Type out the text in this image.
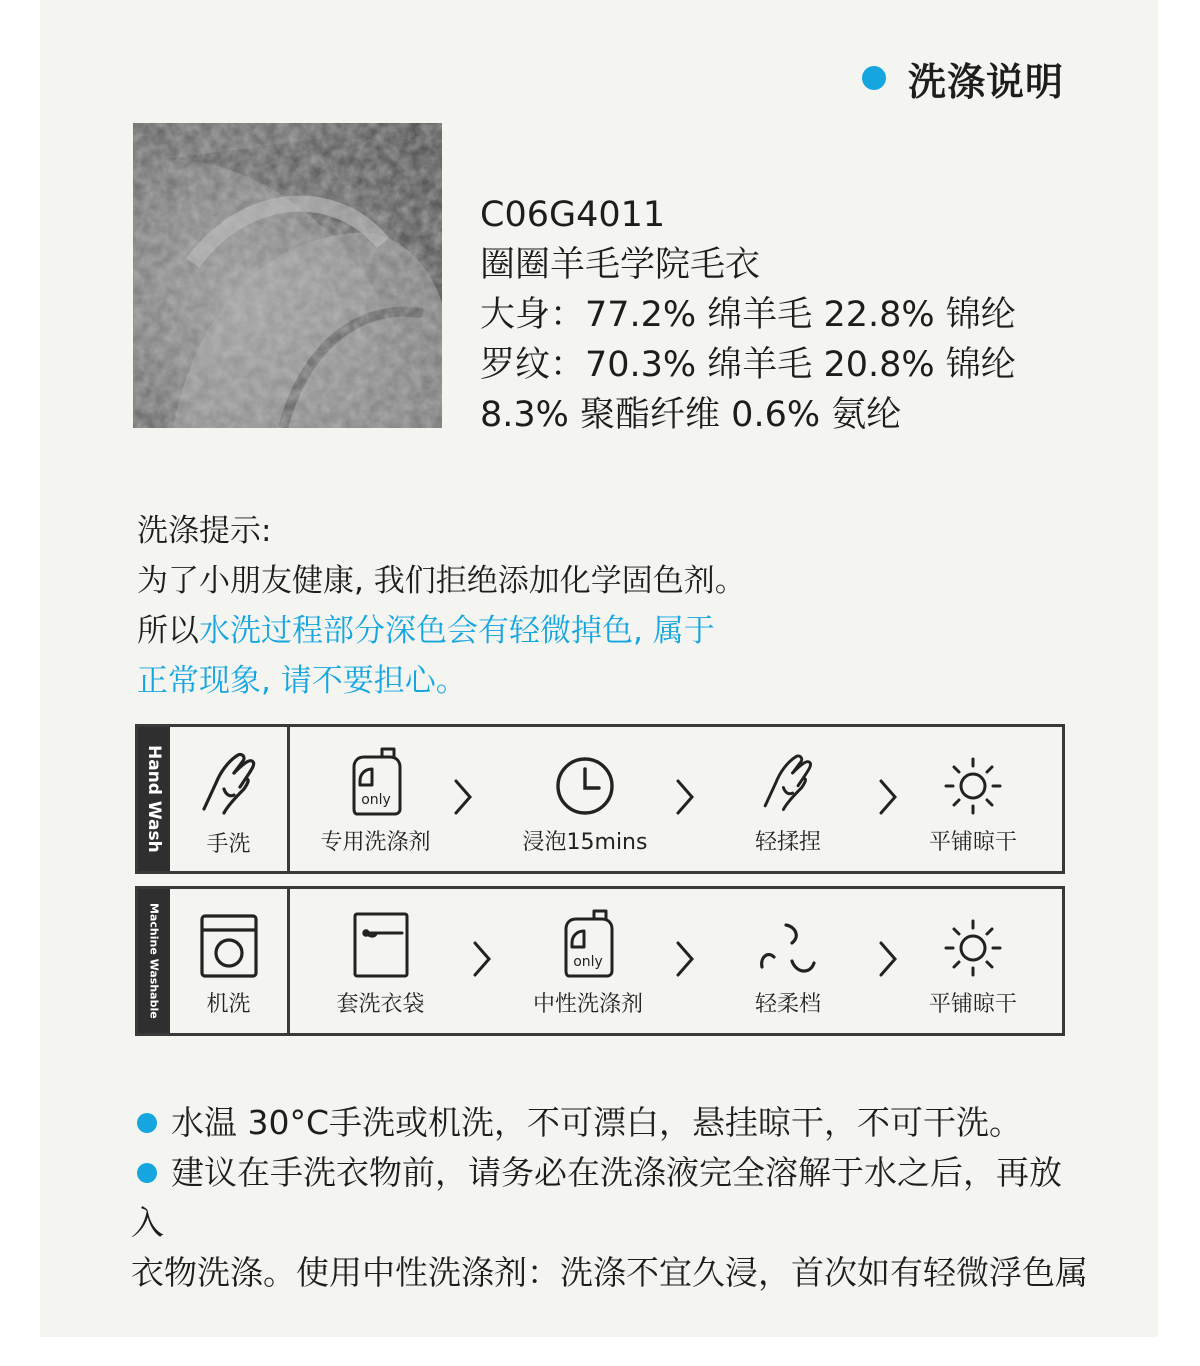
洗涤说明
C06G4011
圈圈羊毛学院毛衣
大身：77.2% 绵羊毛 22.8% 锦纶
罗纹：70.3% 绵羊毛 20.8% 锦纶
8.3% 聚酯纤维 0.6% 氨纶
洗涤提示:
为了小朋友健康, 我们拒绝添加化学固色剂。
所以水洗过程部分深色会有轻微掉色, 属于
正常现象, 请不要担心。
Hand Wash	手洗
only
专用洗涤剂	浸泡15mins	轻揉捏	平铺晾干
Machine Washable	机洗	套洗衣袋
only
中性洗涤剂	轻柔档	平铺晾干
水温 30°C手洗或机洗，不可漂白，悬挂晾干，不可干洗。
建议在手洗衣物前，请务必在洗涤液完全溶解于水之后，再放
入
衣物洗涤。使用中性洗涤剂：洗涤不宜久浸，首次如有轻微浮色属
